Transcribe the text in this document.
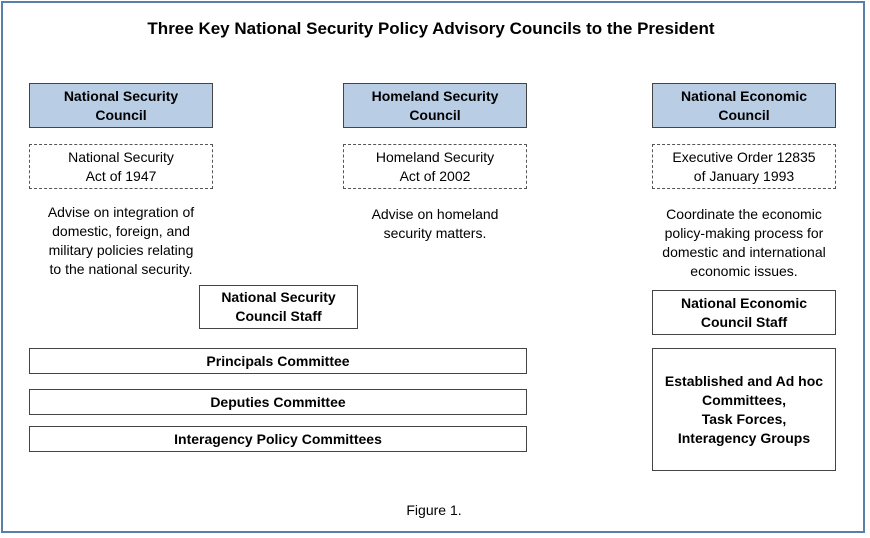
Three Key National Security Policy Advisory Councils to the President
National Security
Council
National Security
Act of 1947
Advise on integration of
domestic, foreign, and
military policies relating
to the national security.
National Security
Council Staff
Homeland Security
Council
Homeland Security
Act of 2002
Advise on homeland
security matters.
National Economic
Council
Executive Order 12835
of January 1993
Coordinate the economic
policy-making process for
domestic and international
economic issues.
National Economic
Council Staff
Established and Ad hoc
Committees,
Task Forces,
Interagency Groups
Principals Committee
Deputies Committee
Interagency Policy Committees
Figure 1.
